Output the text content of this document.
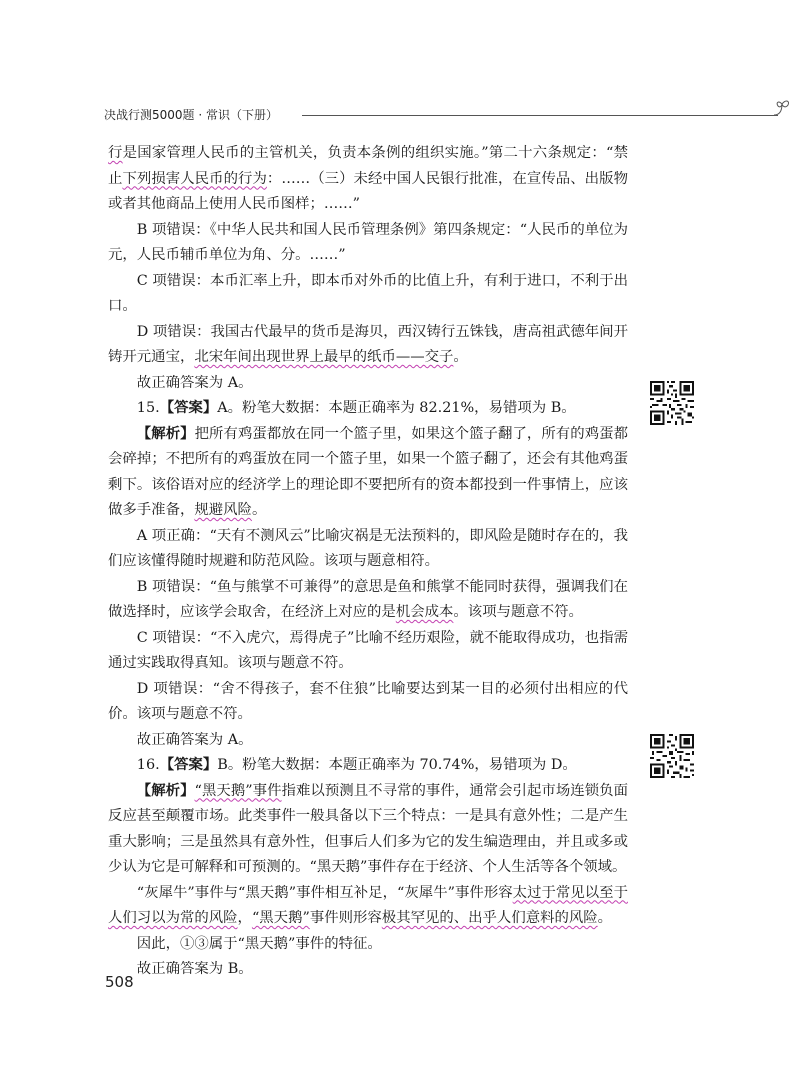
决战行测5000题 · 常识（下册）

行是国家管理人民币的主管机关，负责本条例的组织实施。”第二十六条规定：“禁止下列损害人民币的行为：……（三）未经中国人民银行批准，在宣传品、出版物或者其他商品上使用人民币图样；……”

B 项错误：《中华人民共和国人民币管理条例》第四条规定：“人民币的单位为元，人民币辅币单位为角、分。……”

C 项错误：本币汇率上升，即本币对外币的比值上升，有利于进口，不利于出口。

D 项错误：我国古代最早的货币是海贝，西汉铸行五铢钱，唐高祖武德年间开铸开元通宝，北宋年间出现世界上最早的纸币——交子。

故正确答案为 A。

15.【答案】A。粉笔大数据：本题正确率为 82.21%，易错项为 B。

【解析】把所有鸡蛋都放在同一个篮子里，如果这个篮子翻了，所有的鸡蛋都会碎掉；不把所有的鸡蛋放在同一个篮子里，如果一个篮子翻了，还会有其他鸡蛋剩下。该俗语对应的经济学上的理论即不要把所有的资本都投到一件事情上，应该做多手准备，规避风险。

A 项正确：“天有不测风云”比喻灾祸是无法预料的，即风险是随时存在的，我们应该懂得随时规避和防范风险。该项与题意相符。

B 项错误：“鱼与熊掌不可兼得”的意思是鱼和熊掌不能同时获得，强调我们在做选择时，应该学会取舍，在经济上对应的是机会成本。该项与题意不符。

C 项错误：“不入虎穴，焉得虎子”比喻不经历艰险，就不能取得成功，也指需通过实践取得真知。该项与题意不符。

D 项错误：“舍不得孩子，套不住狼”比喻要达到某一目的必须付出相应的代价。该项与题意不符。

故正确答案为 A。

16.【答案】B。粉笔大数据：本题正确率为 70.74%，易错项为 D。

【解析】“黑天鹅”事件指难以预测且不寻常的事件，通常会引起市场连锁负面反应甚至颠覆市场。此类事件一般具备以下三个特点：一是具有意外性；二是产生重大影响；三是虽然具有意外性，但事后人们多为它的发生编造理由，并且或多或少认为它是可解释和可预测的。“黑天鹅”事件存在于经济、个人生活等各个领域。

“灰犀牛”事件与“黑天鹅”事件相互补足，“灰犀牛”事件形容太过于常见以至于人们习以为常的风险，“黑天鹅”事件则形容极其罕见的、出乎人们意料的风险。

因此，①③属于“黑天鹅”事件的特征。

故正确答案为 B。

508
